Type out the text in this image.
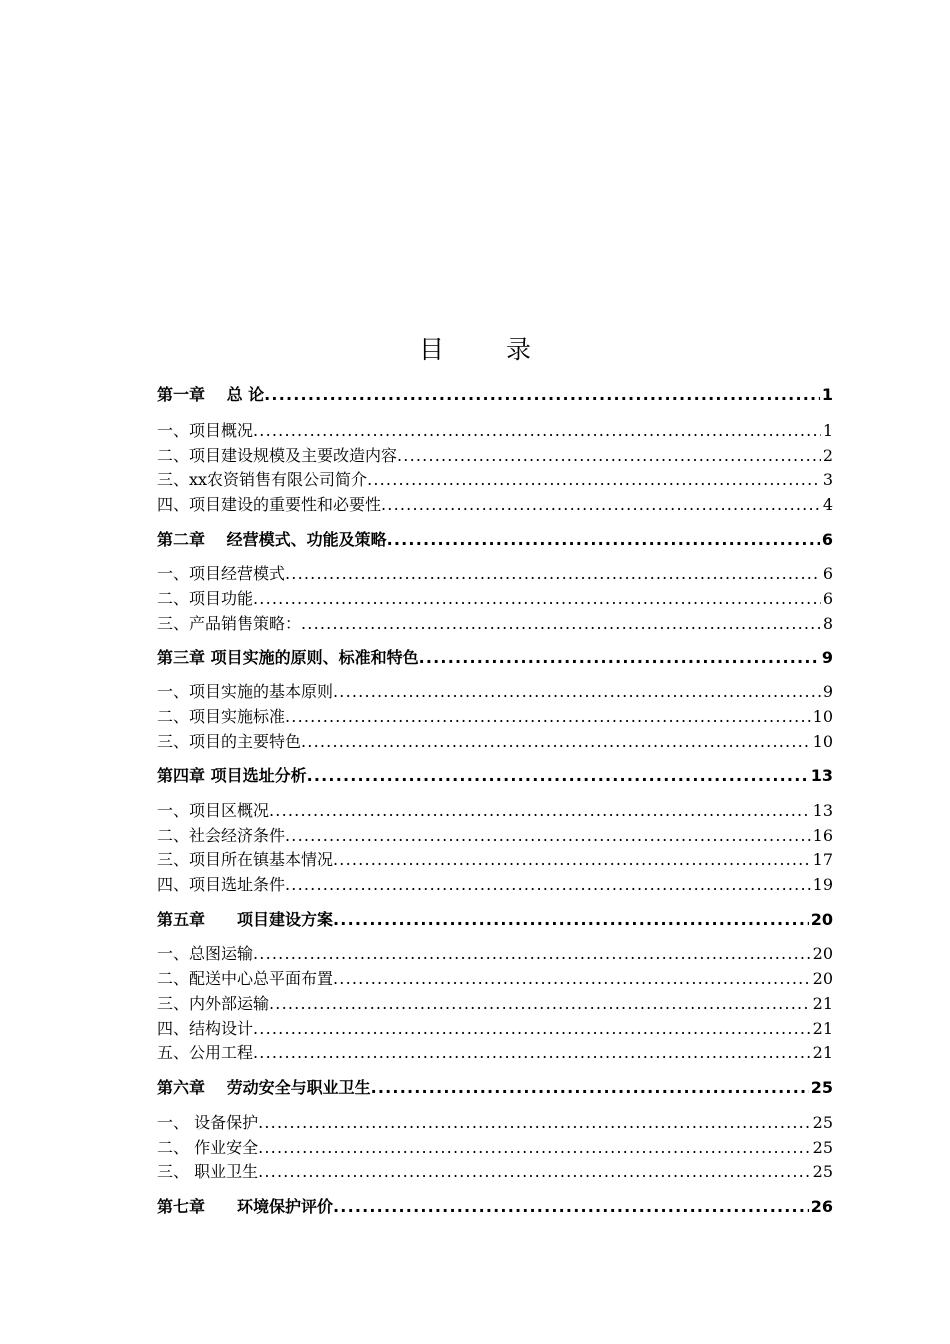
目 录
第一章　 总 论 .....	1
一、项目概况 .....	1
二、项目建设规模及主要改造内容 .....	2
三、xx农资销售有限公司简介 .....	3
四、项目建设的重要性和必要性 .....	4
第二章　 经营模式、功能及策略 .....	6
一、项目经营模式 .....	6
二、项目功能 .....	6
三、产品销售策略： .....	8
第三章 项目实施的原则、标准和特色 .....	9
一、项目实施的基本原则 .....	9
二、项目实施标准 .....	10
三、项目的主要特色 .....	10
第四章 项目选址分析 .....	13
一、项目区概况 .....	13
二、社会经济条件 .....	16
三、项目所在镇基本情况 .....	17
四、项目选址条件 .....	19
第五章　　项目建设方案 .....	20
一、总图运输 .....	20
二、配送中心总平面布置 .....	20
三、内外部运输 .....	21
四、结构设计 .....	21
五、公用工程 .....	21
第六章　 劳动安全与职业卫生 .....	25
一、 设备保护 .....	25
二、 作业安全 .....	25
三、 职业卫生 .....	25
第七章　　环境保护评价 .....	26
